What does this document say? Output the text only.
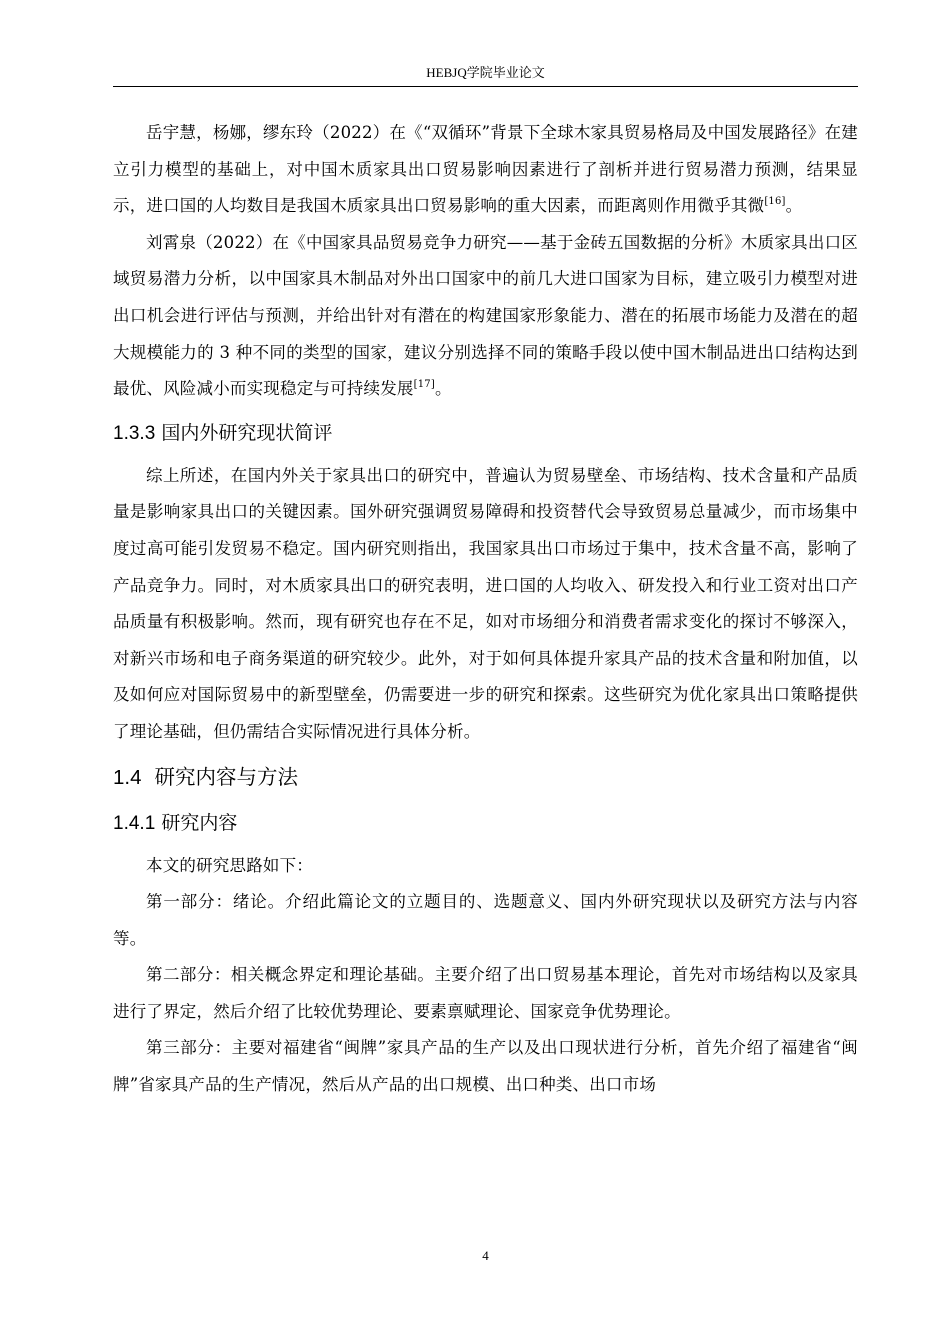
HEBJQ学院毕业论文

岳宇慧，杨娜，缪东玲（2022）在《“双循环”背景下全球木家具贸易格局及中国发展路径》在建立引力模型的基础上，对中国木质家具出口贸易影响因素进行了剖析并进行贸易潜力预测，结果显示，进口国的人均数目是我国木质家具出口贸易影响的重大因素，而距离则作用微乎其微[16]。

刘霄泉（2022）在《中国家具品贸易竞争力研究——基于金砖五国数据的分析》木质家具出口区域贸易潜力分析，以中国家具木制品对外出口国家中的前几大进口国家为目标，建立吸引力模型对进出口机会进行评估与预测，并给出针对有潜在的构建国家形象能力、潜在的拓展市场能力及潜在的超大规模能力的 3 种不同的类型的国家，建议分别选择不同的策略手段以使中国木制品进出口结构达到最优、风险减小而实现稳定与可持续发展[17]。

1.3.3 国内外研究现状简评

综上所述，在国内外关于家具出口的研究中，普遍认为贸易壁垒、市场结构、技术含量和产品质量是影响家具出口的关键因素。国外研究强调贸易障碍和投资替代会导致贸易总量减少，而市场集中度过高可能引发贸易不稳定。国内研究则指出，我国家具出口市场过于集中，技术含量不高，影响了产品竞争力。同时，对木质家具出口的研究表明，进口国的人均收入、研发投入和行业工资对出口产品质量有积极影响。然而，现有研究也存在不足，如对市场细分和消费者需求变化的探讨不够深入，对新兴市场和电子商务渠道的研究较少。此外，对于如何具体提升家具产品的技术含量和附加值，以及如何应对国际贸易中的新型壁垒，仍需要进一步的研究和探索。这些研究为优化家具出口策略提供了理论基础，但仍需结合实际情况进行具体分析。

1.4 研究内容与方法
1.4.1 研究内容

本文的研究思路如下：

第一部分：绪论。介绍此篇论文的立题目的、选题意义、国内外研究现状以及研究方法与内容等。

第二部分：相关概念界定和理论基础。主要介绍了出口贸易基本理论，首先对市场结构以及家具进行了界定，然后介绍了比较优势理论、要素禀赋理论、国家竞争优势理论。

第三部分：主要对福建省“闽牌”家具产品的生产以及出口现状进行分析，首先介绍了福建省“闽牌”省家具产品的生产情况，然后从产品的出口规模、出口种类、出口市场

4
